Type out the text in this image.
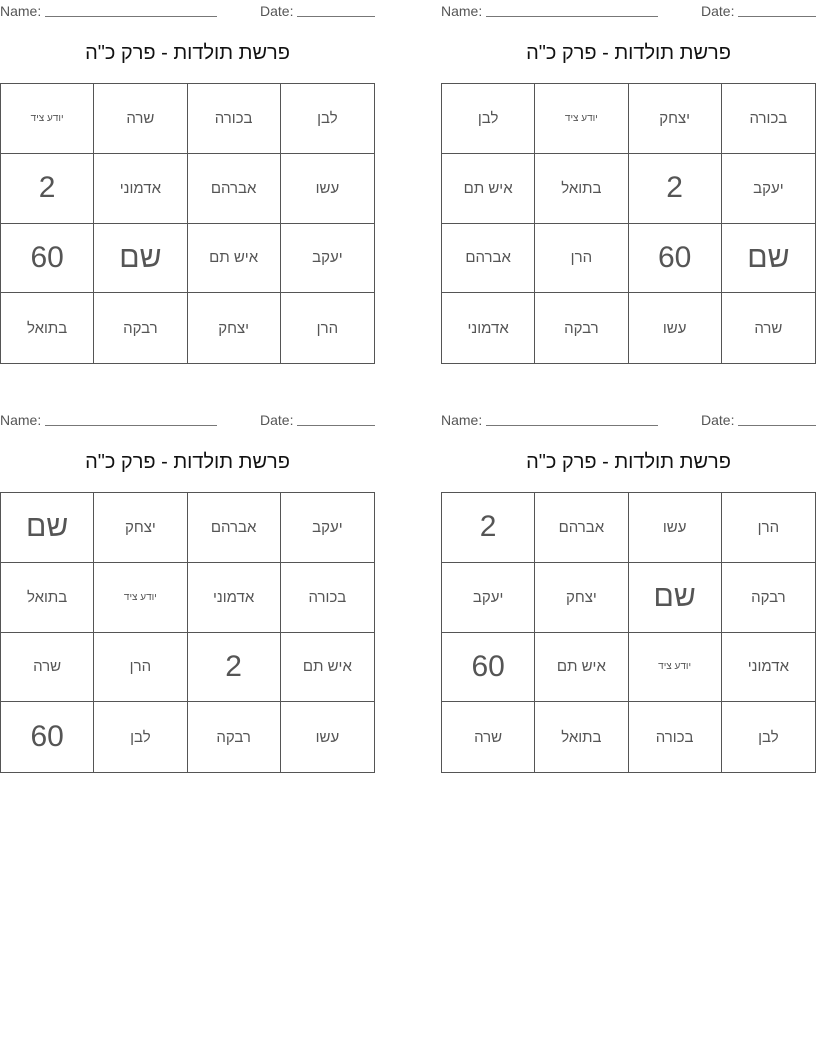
Name:	Date:
פרשת תולדות - פרק כ"ה
יודע ציד	שרה	בכורה	לבן
2	אדמוני	אברהם	עשו
60	שם	איש תם	יעקב
בתואל	רבקה	יצחק	הרן
Name:	Date:
פרשת תולדות - פרק כ"ה
לבן	יודע ציד	יצחק	בכורה
איש תם	בתואל	2	יעקב
אברהם	הרן	60	שם
אדמוני	רבקה	עשו	שרה
Name:	Date:
פרשת תולדות - פרק כ"ה
שם	יצחק	אברהם	יעקב
בתואל	יודע ציד	אדמוני	בכורה
שרה	הרן	2	איש תם
60	לבן	רבקה	עשו
Name:	Date:
פרשת תולדות - פרק כ"ה
2	אברהם	עשו	הרן
יעקב	יצחק	שם	רבקה
60	איש תם	יודע ציד	אדמוני
שרה	בתואל	בכורה	לבן
